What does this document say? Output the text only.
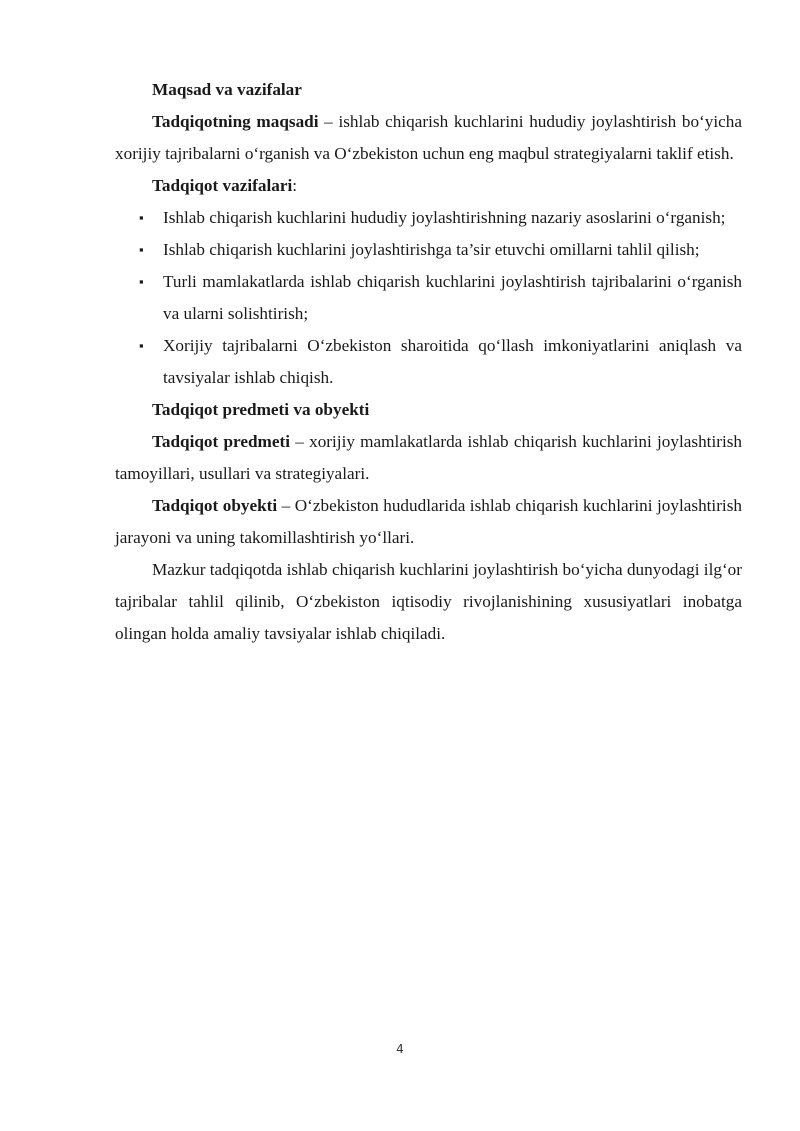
Maqsad va vazifalar

Tadqiqotning maqsadi – ishlab chiqarish kuchlarini hududiy joylashtirish bo‘yicha xorijiy tajribalarni o‘rganish va O‘zbekiston uchun eng maqbul strategiyalarni taklif etish.

Tadqiqot vazifalari:

▪ Ishlab chiqarish kuchlarini hududiy joylashtirishning nazariy asoslarini o‘rganish;
▪ Ishlab chiqarish kuchlarini joylashtirishga ta’sir etuvchi omillarni tahlil qilish;
▪ Turli mamlakatlarda ishlab chiqarish kuchlarini joylashtirish tajribalarini o‘rganish va ularni solishtirish;
▪ Xorijiy tajribalarni O‘zbekiston sharoitida qo‘llash imkoniyatlarini aniqlash va tavsiyalar ishlab chiqish.

Tadqiqot predmeti va obyekti

Tadqiqot predmeti – xorijiy mamlakatlarda ishlab chiqarish kuchlarini joylashtirish tamoyillari, usullari va strategiyalari.

Tadqiqot obyekti – O‘zbekiston hududlarida ishlab chiqarish kuchlarini joylashtirish jarayoni va uning takomillashtirish yo‘llari.

Mazkur tadqiqotda ishlab chiqarish kuchlarini joylashtirish bo‘yicha dunyodagi ilg‘or tajribalar tahlil qilinib, O‘zbekiston iqtisodiy rivojlanishining xususiyatlari inobatga olingan holda amaliy tavsiyalar ishlab chiqiladi.

4
